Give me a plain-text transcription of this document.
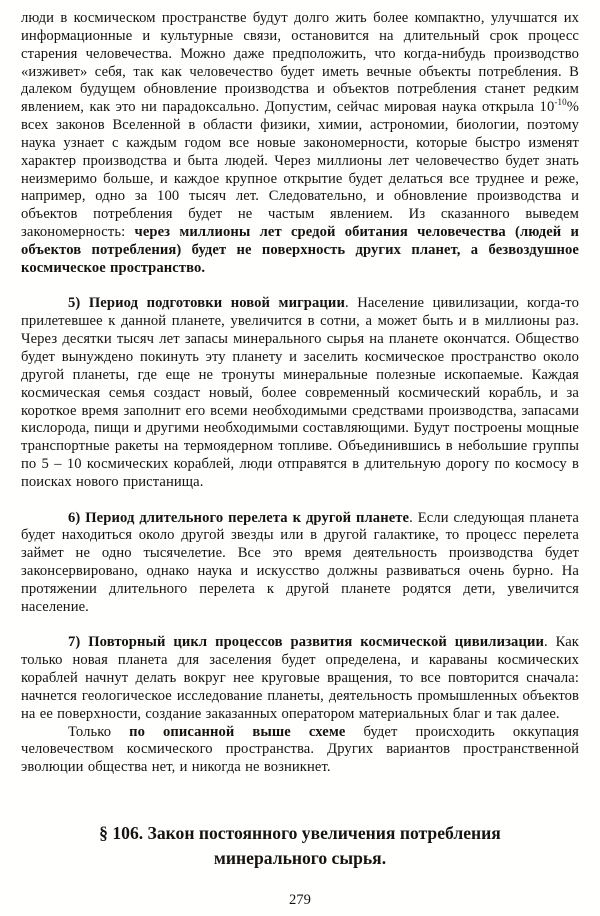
люди в космическом пространстве будут долго жить более компактно, улучшатся их информационные и культурные связи, остановится на длительный срок процесс старения человечества. Можно даже предположить, что когда-нибудь производство «изживет» себя, так как человечество будет иметь вечные объекты потребления. В далеком будущем обновление производства и объектов потребления станет редким явлением, как это ни парадоксально. Допустим, сейчас мировая наука открыла $10^{-10}\%$ всех законов Вселенной в области физики, химии, астрономии, биологии, поэтому наука узнает с каждым годом все новые закономерности, которые быстро изменят характер производства и быта людей. Через миллионы лет человечество будет знать неизмеримо больше, и каждое крупное открытие будет делаться все труднее и реже, например, одно за 100 тысяч лет. Следовательно, и обновление производства и объектов потребления будет не частым явлением. Из сказанного выведем закономерность: через миллионы лет средой обитания человечества (людей и объектов потребления) будет не поверхность других планет, а безвоздушное космическое пространство.

5) Период подготовки новой миграции. Население цивилизации, когда-то прилетевшее к данной планете, увеличится в сотни, а может быть и в миллионы раз. Через десятки тысяч лет запасы минерального сырья на планете окончатся. Общество будет вынуждено покинуть эту планету и заселить космическое пространство около другой планеты, где еще не тронуты минеральные полезные ископаемые. Каждая космическая семья создаст новый, более современный космический корабль, и за короткое время заполнит его всеми необходимыми средствами производства, запасами кислорода, пищи и другими необходимыми составляющими. Будут построены мощные транспортные ракеты на термоядерном топливе. Объединившись в небольшие группы по 5 – 10 космических кораблей, люди отправятся в длительную дорогу по космосу в поисках нового пристанища.

6) Период длительного перелета к другой планете. Если следующая планета будет находиться около другой звезды или в другой галактике, то процесс перелета займет не одно тысячелетие. Все это время деятельность производства будет законсервировано, однако наука и искусство должны развиваться очень бурно. На протяжении длительного перелета к другой планете родятся дети, увеличится население.

7) Повторный цикл процессов развития космической цивилизации. Как только новая планета для заселения будет определена, и караваны космических кораблей начнут делать вокруг нее круговые вращения, то все повторится сначала: начнется геологическое исследование планеты, деятельность промышленных объектов на ее поверхности, создание заказанных оператором материальных благ и так далее.

Только по описанной выше схеме будет происходить оккупация человечеством космического пространства. Других вариантов пространственной эволюции общества нет, и никогда не возникнет.

§ 106. Закон постоянного увеличения потребления минерального сырья.
279
